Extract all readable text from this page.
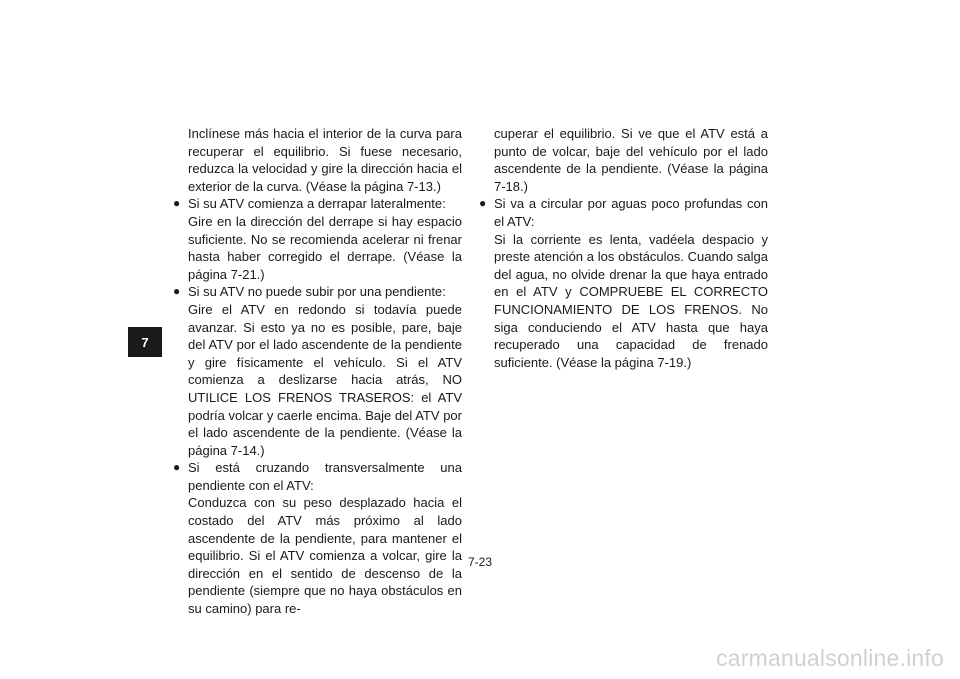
7

Inclínese más hacia el interior de la curva para recuperar el equilibrio. Si fuese necesario, reduzca la velocidad y gire la dirección hacia el exterior de la curva. (Véase la página 7-13.)

● Si su ATV comienza a derrapar lateralmente:

Gire en la dirección del derrape si hay espacio suficiente. No se recomienda acelerar ni frenar hasta haber corregido el derrape. (Véase la página 7-21.)

● Si su ATV no puede subir por una pendiente:

Gire el ATV en redondo si todavía puede avanzar. Si esto ya no es posible, pare, baje del ATV por el lado ascendente de la pendiente y gire físicamente el vehículo. Si el ATV comienza a deslizarse hacia atrás, NO UTILICE LOS FRENOS TRASEROS: el ATV podría volcar y caerle encima. Baje del ATV por el lado ascendente de la pendiente. (Véase la página 7-14.)

● Si está cruzando transversalmente una pendiente con el ATV:

Conduzca con su peso desplazado hacia el costado del ATV más próximo al lado ascendente de la pendiente, para mantener el equilibrio. Si el ATV comienza a volcar, gire la dirección en el sentido de descenso de la pendiente (siempre que no haya obstáculos en su camino) para re-

cuperar el equilibrio. Si ve que el ATV está a punto de volcar, baje del vehículo por el lado ascendente de la pendiente. (Véase la página 7-18.)

● Si va a circular por aguas poco profundas con el ATV:

Si la corriente es lenta, vadéela despacio y preste atención a los obstáculos. Cuando salga del agua, no olvide drenar la que haya entrado en el ATV y COMPRUEBE EL CORRECTO FUNCIONAMIENTO DE LOS FRENOS. No siga conduciendo el ATV hasta que haya recuperado una capacidad de frenado suficiente. (Véase la página 7-19.)

7-23
carmanualsonline.info
